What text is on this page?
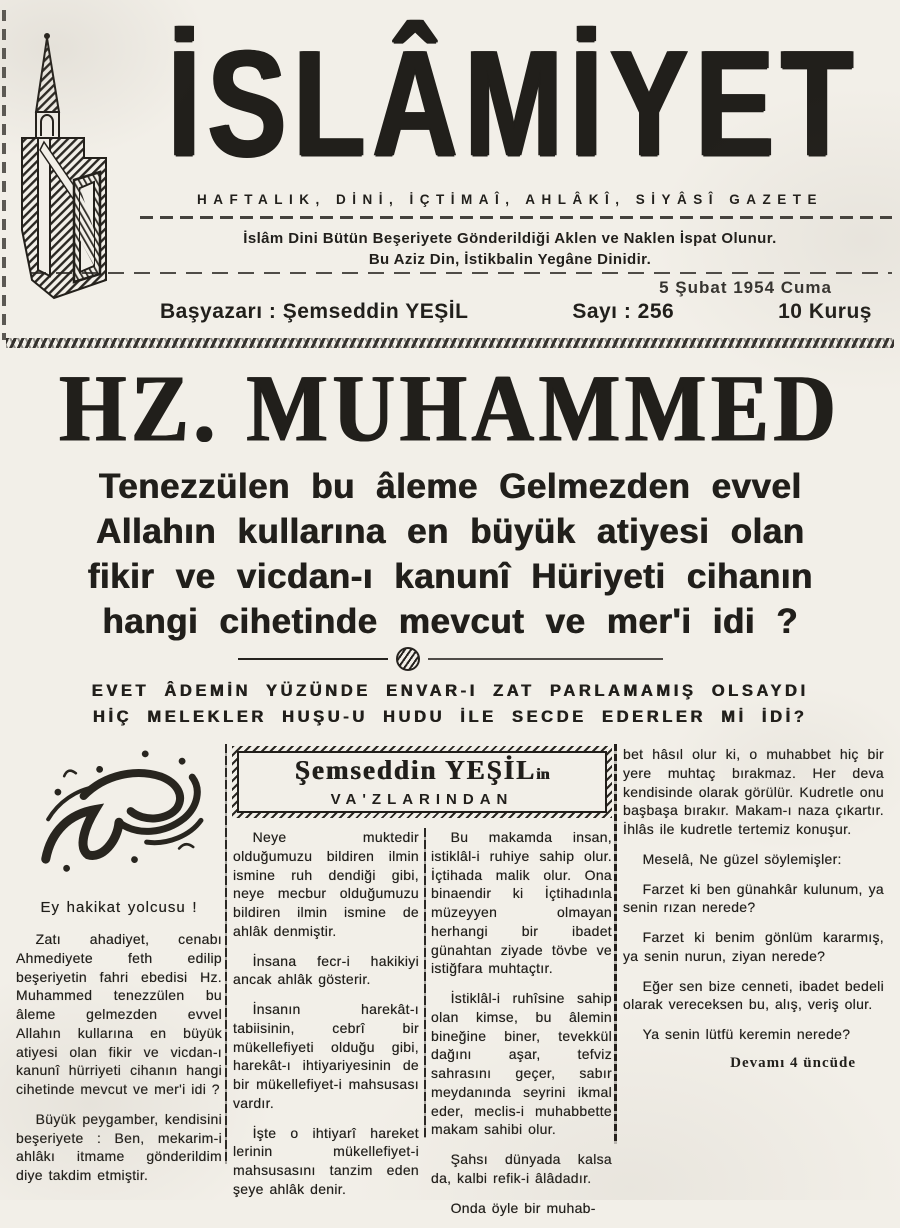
İSLÂMİYET
HAFTALIK, DİNİ, İÇTİMAÎ, AHLÂKÎ, SİYÂSÎ GAZETE
İslâm Dini Bütün Beşeriyete Gönderildiği Aklen ve Naklen İspat Olunur.
Bu Aziz Din, İstikbalin Yegâne Dinidir.
5 Şubat 1954 Cuma
Başyazarı : Şemseddin YEŞİL	Sayı : 256	10 Kuruş
HZ. MUHAMMED

Tenezzülen bu âleme Gelmezden evvel

Allahın kullarına en büyük atiyesi olan

fikir ve vicdan-ı kanunî Hüriyeti cihanın

hangi cihetinde mevcut ve mer'i idi ?

EVET ÂDEMİN YÜZÜNDE ENVAR-I ZAT PARLAMAMIŞ OLSAYDI

HİÇ MELEKLER HUŞU-U HUDU İLE SECDE EDERLER Mİ İDİ?

Şemseddin YEŞİLin
VA'ZLARINDAN

Ey hakikat yolcusu !

Zatı ahadiyet, cenabı Ahmediyete feth edilip beşeriyetin fahri ebedisi Hz. Muhammed tenezzülen bu âleme gelmezden evvel Allahın kullarına en büyük atiyesi olan fikir ve vicdan-ı kanunî hürriyeti cihanın hangi cihetinde mevcut ve mer'i idi ?

Büyük peygamber, kendisini beşeriyete : Ben, mekarim-i ahlâkı itmame gönderildim diye takdim etmiştir.

Neye muktedir olduğumuzu bildiren ilmin ismine ruh dendiği gibi, neye mecbur olduğumuzu bildiren ilmin ismine de ahlâk denmiştir.

İnsana fecr-i hakikiyi ancak ahlâk gösterir.

İnsanın harekât-ı tabiisinin, cebrî bir mükellefiyeti olduğu gibi, harekât-ı ihtiyariyesinin de bir mükellefiyet-i mahsusası vardır.

İşte o ihtiyarî hareket lerinin mükellefiyet-i mahsusasını tanzim eden şeye ahlâk denir.

Bu makamda insan, istiklâl-i ruhiye sahip olur. İçtihada malik olur. Ona binaendir ki İçtihadınla müzeyyen olmayan herhangi bir ibadet günahtan ziyade tövbe ve istiğfara muhtaçtır.

İstiklâl-i ruhîsine sahip olan kimse, bu âlemin bineğine biner, tevekkül dağını aşar, tefviz sahrasını geçer, sabır meydanında seyrini ikmal eder, meclis-i muhabbette makam sahibi olur.

Şahsı dünyada kalsa da, kalbi refik-i âlâdadır.

Onda öyle bir muhab-

bet hâsıl olur ki, o muhabbet hiç bir yere muhtaç bırakmaz. Her deva kendisinde olarak görülür. Kudretle onu başbaşa bırakır. Makam-ı naza çıkartır. İhlâs ile kudretle tertemiz konuşur.

Meselâ, Ne güzel söylemişler:

Farzet ki ben günahkâr kulunum, ya senin rızan nerede?

Farzet ki benim gönlüm kararmış, ya senin nurun, ziyan nerede?

Eğer sen bize cenneti, ibadet bedeli olarak vereceksen bu, alış, veriş olur.

Ya senin lütfü keremin nerede?

Devamı 4 üncüde
